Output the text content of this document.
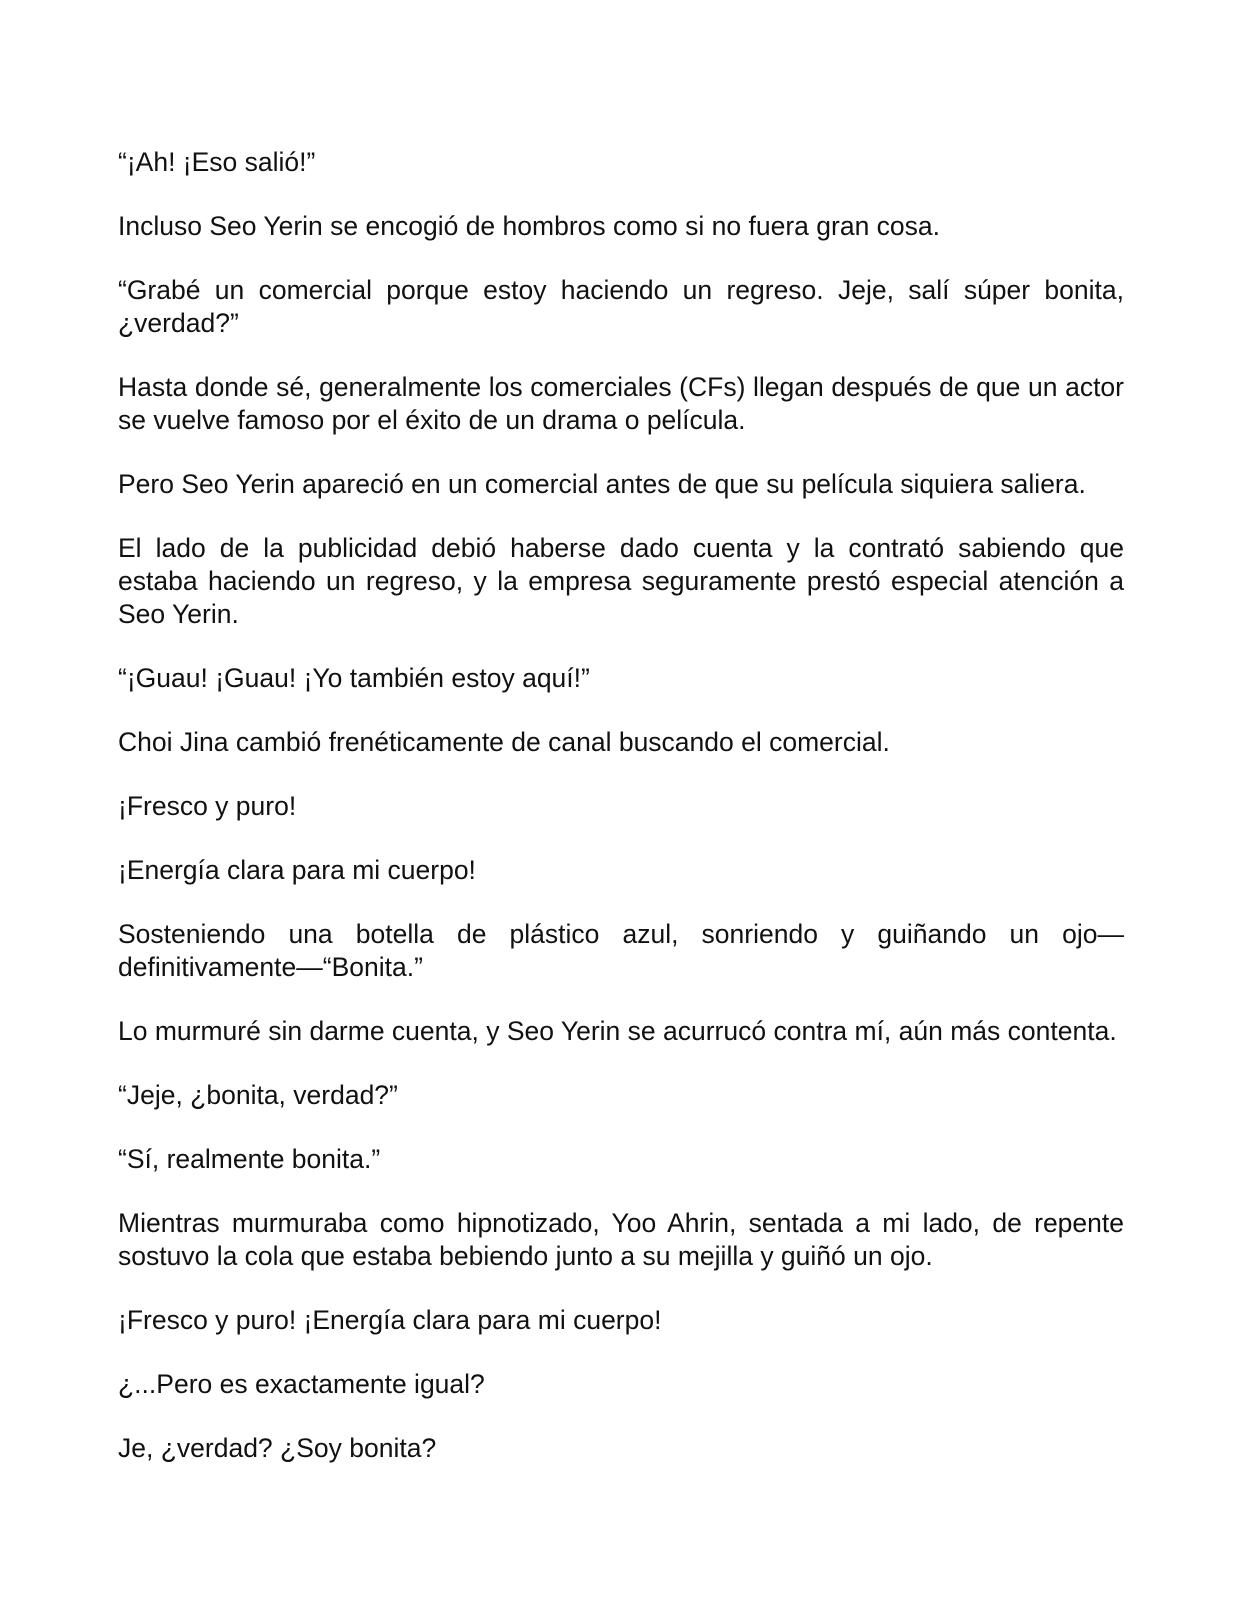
“¡Ah! ¡Eso salió!”

Incluso Seo Yerin se encogió de hombros como si no fuera gran cosa.

“Grabé un comercial porque estoy haciendo un regreso. Jeje, salí súper bonita, ¿verdad?”

Hasta donde sé, generalmente los comerciales (CFs) llegan después de que un actor se vuelve famoso por el éxito de un drama o película.

Pero Seo Yerin apareció en un comercial antes de que su película siquiera saliera.

El lado de la publicidad debió haberse dado cuenta y la contrató sabiendo que estaba haciendo un regreso, y la empresa seguramente prestó especial atención a Seo Yerin.

“¡Guau! ¡Guau! ¡Yo también estoy aquí!”

Choi Jina cambió frenéticamente de canal buscando el comercial.

¡Fresco y puro!

¡Energía clara para mi cuerpo!

Sosteniendo una botella de plástico azul, sonriendo y guiñando un ojo—definitivamente—“Bonita.”

Lo murmuré sin darme cuenta, y Seo Yerin se acurrucó contra mí, aún más contenta.

“Jeje, ¿bonita, verdad?”

“Sí, realmente bonita.”

Mientras murmuraba como hipnotizado, Yoo Ahrin, sentada a mi lado, de repente sostuvo la cola que estaba bebiendo junto a su mejilla y guiñó un ojo.

¡Fresco y puro! ¡Energía clara para mi cuerpo!

¿...Pero es exactamente igual?

Je, ¿verdad? ¿Soy bonita?
